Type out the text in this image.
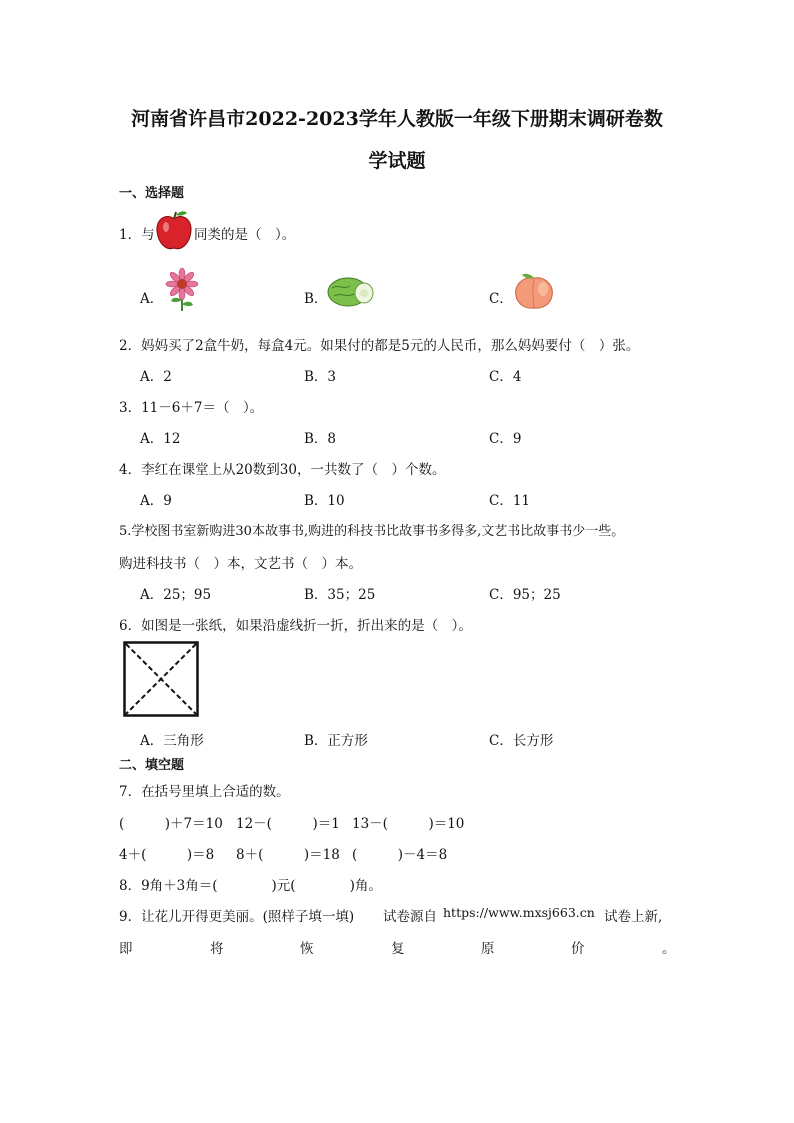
河南省许昌市2022-2023学年人教版一年级下册期末调研卷数
学试题
一、选择题
1．与	同类的是（　）。
A．	B．	C．
2．妈妈买了2盒牛奶，每盒4元。如果付的都是5元的人民币，那么妈妈要付（　）张。
A．2	B．3	C．4
3．11－6＋7＝（　）。
A．12	B．8	C．9
4．李红在课堂上从20数到30，一共数了（　）个数。
A．9	B．10	C．11
5.学校图书室新购进30本故事书,购进的科技书比故事书多得多,文艺书比故事书少一些。
购进科技书（　）本，文艺书（　）本。
A．25；95	B．35；25	C．95；25
6．如图是一张纸，如果沿虚线折一折，折出来的是（　）。
A．三角形	B．正方形	C．长方形
二、填空题
7．在括号里填上合适的数。
(　　　)＋7＝10 12－(　　　)＝1 13－(　　　)＝10
4＋(　　　)＝8 8＋(　　　)＝18 (　　　)－4＝8
8．9角＋3角＝(　　　　)元(　　　　)角。
9．让花儿开得更美丽。(照样子填一填) 试卷源自 https://www.mxsj663.cn 试卷上新,
即	将	恢	复	原	价	。
